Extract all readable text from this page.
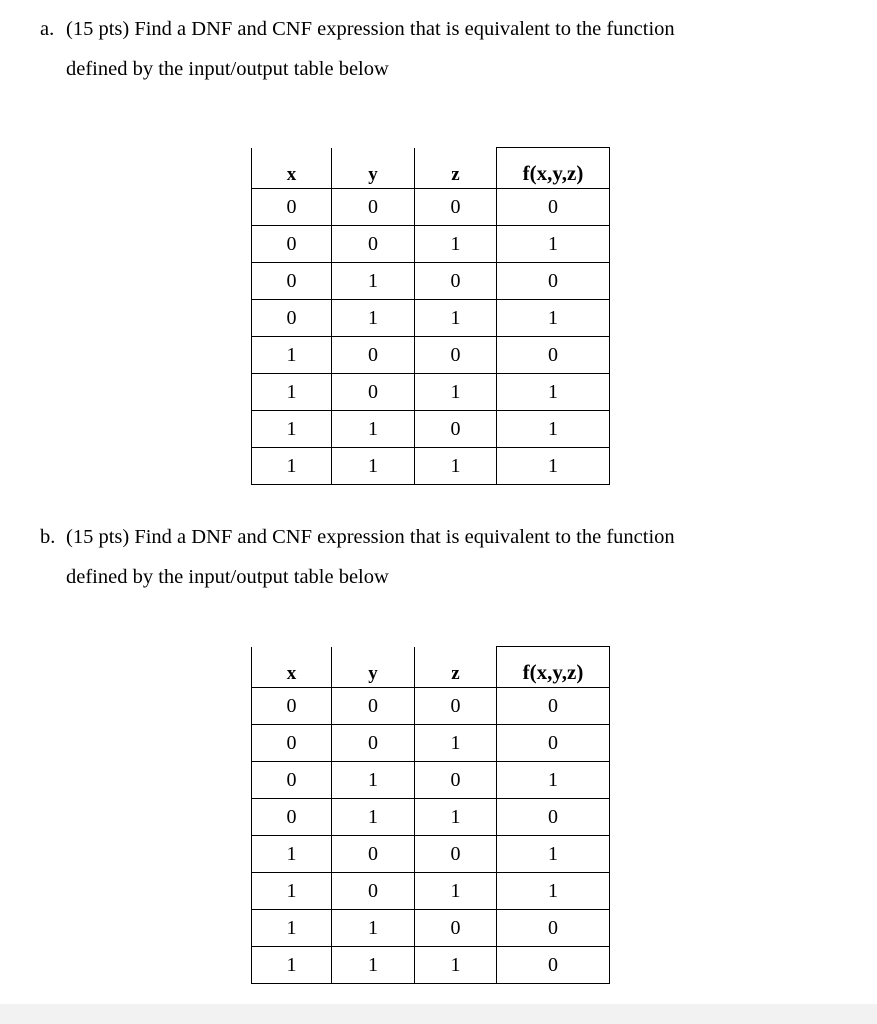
a. (15 pts) Find a DNF and CNF expression that is equivalent to the function
defined by the input/output table below
x	y	z	f(x,y,z)
0	0	0	0
0	0	1	1
0	1	0	0
0	1	1	1
1	0	0	0
1	0	1	1
1	1	0	1
1	1	1	1
b. (15 pts) Find a DNF and CNF expression that is equivalent to the function
defined by the input/output table below
x	y	z	f(x,y,z)
0	0	0	0
0	0	1	0
0	1	0	1
0	1	1	0
1	0	0	1
1	0	1	1
1	1	0	0
1	1	1	0
